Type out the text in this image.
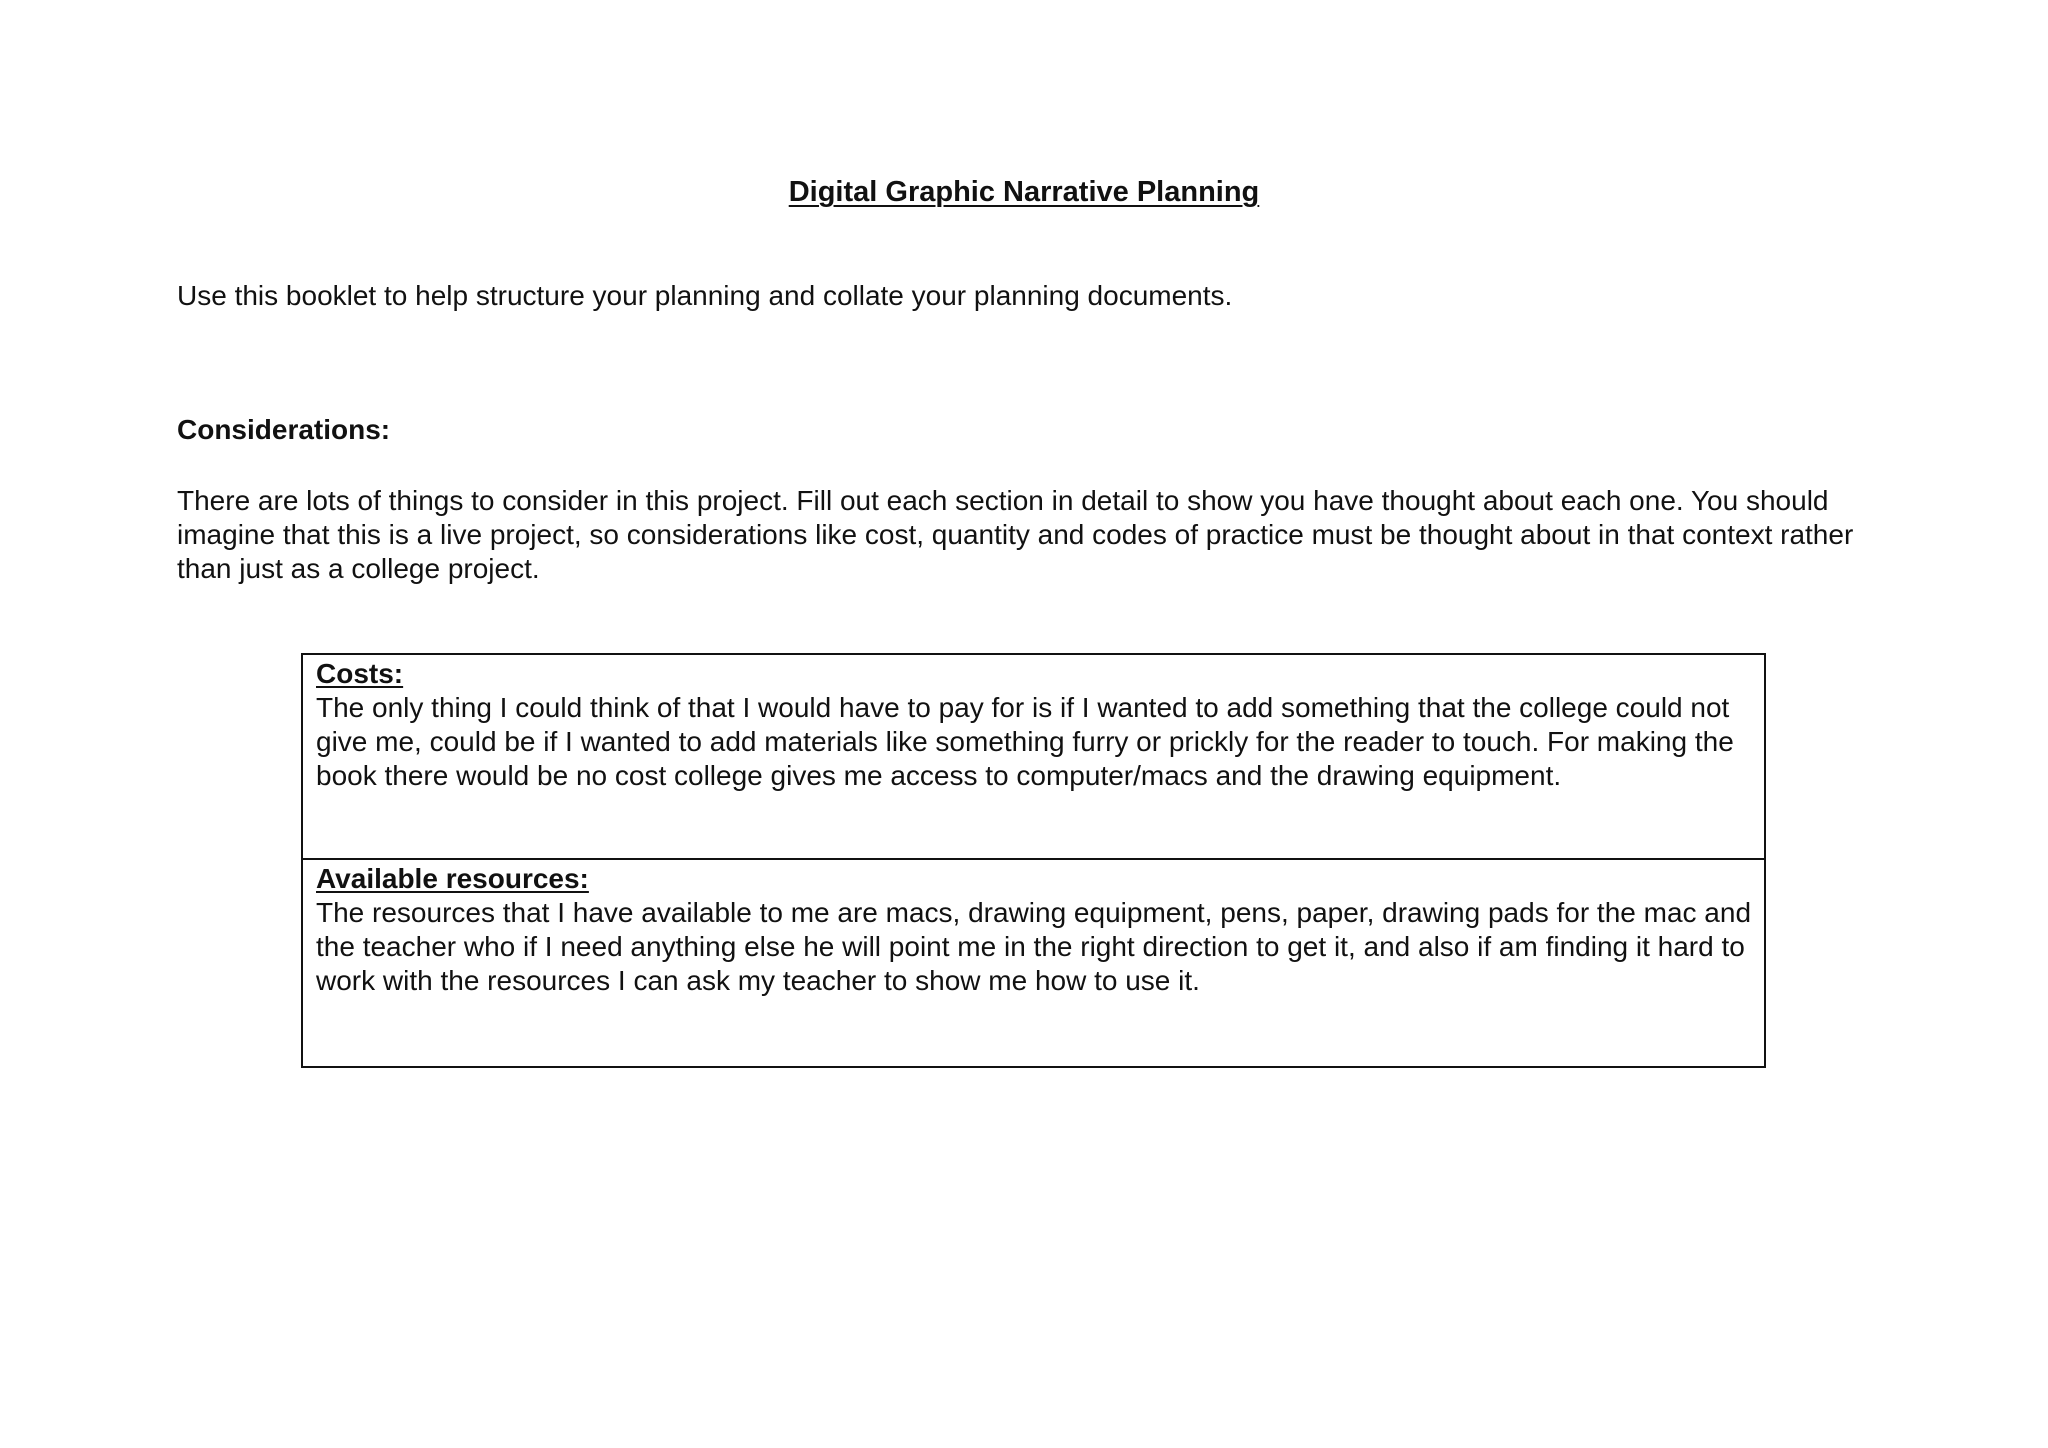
Digital Graphic Narrative Planning
Use this booklet to help structure your planning and collate your planning documents.
Considerations:
There are lots of things to consider in this project. Fill out each section in detail to show you have thought about each one. You should imagine that this is a live project, so considerations like cost, quantity and codes of practice must be thought about in that context rather than just as a college project.
Costs:
The only thing I could think of that I would have to pay for is if I wanted to add something that the college could not give me, could be if I wanted to add materials like something furry or prickly for the reader to touch. For making the book there would be no cost college gives me access to computer/macs and the drawing equipment.
Available resources:
The resources that I have available to me are macs, drawing equipment, pens, paper, drawing pads for the mac and the teacher who if I need anything else he will point me in the right direction to get it, and also if am finding it hard to work with the resources I can ask my teacher to show me how to use it.
